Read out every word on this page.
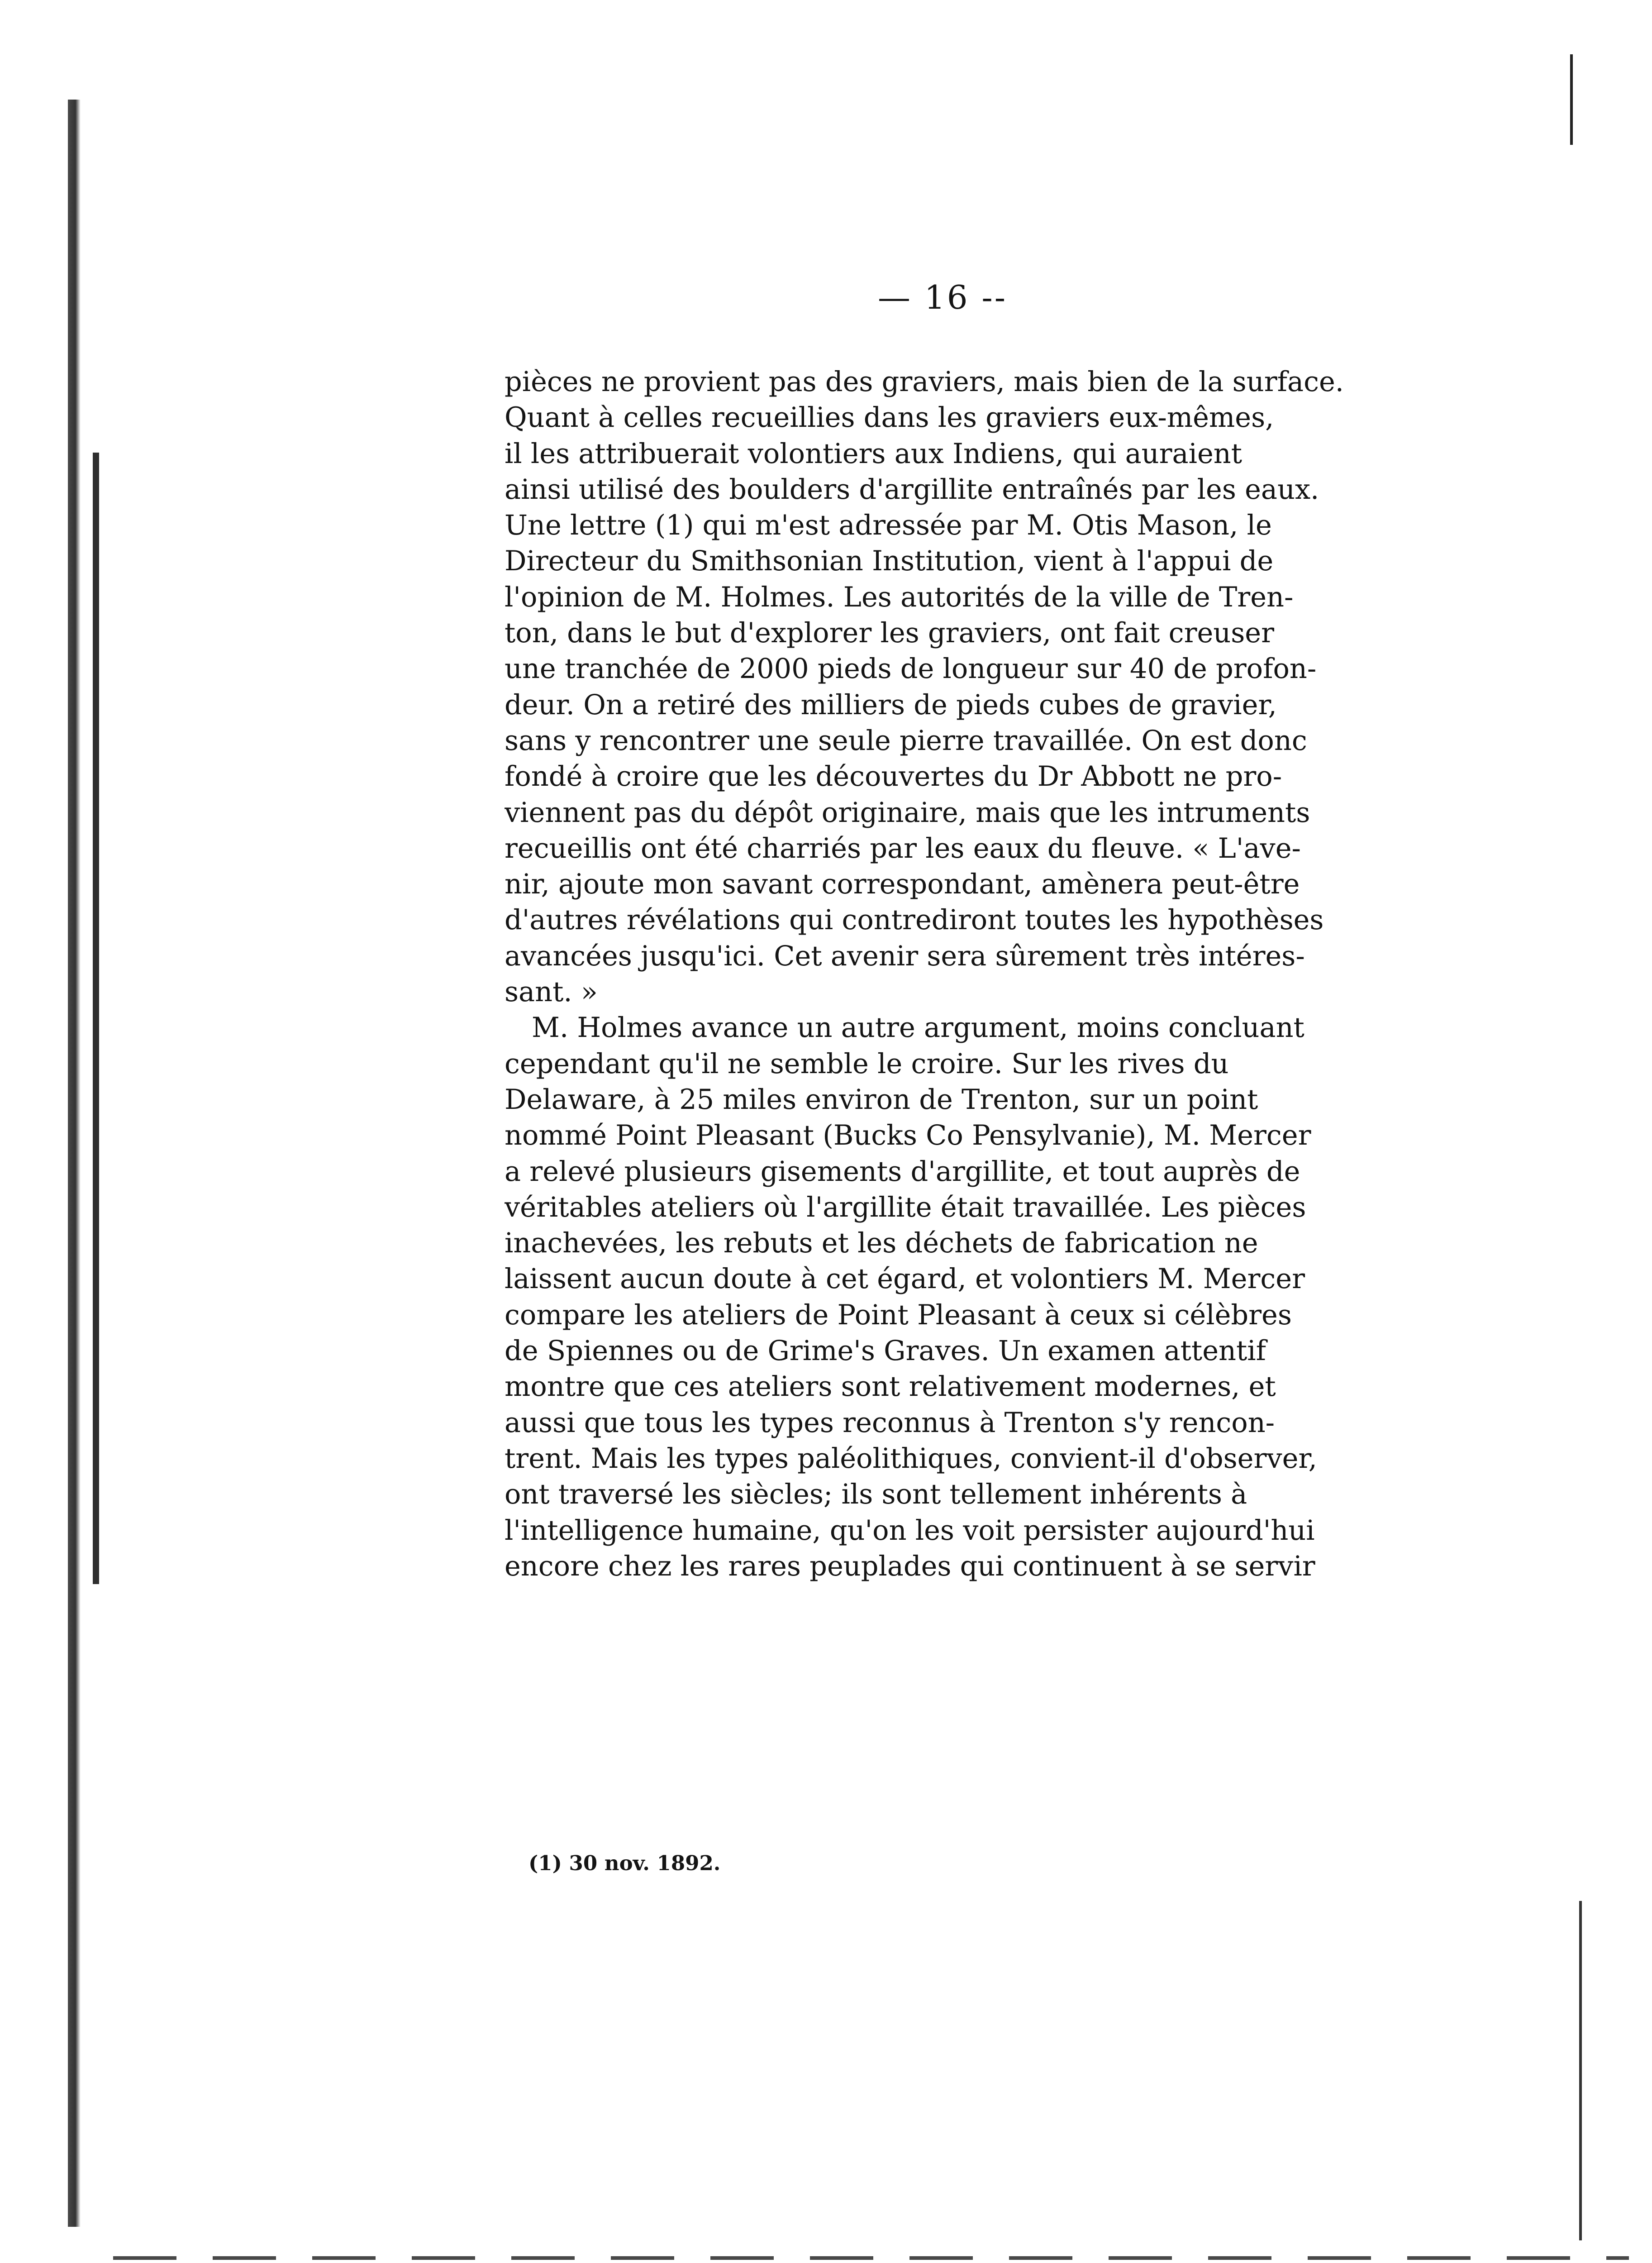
— 16 --
pièces ne provient pas des graviers, mais bien de la surface.
Quant à celles recueillies dans les graviers eux-mêmes,
il les attribuerait volontiers aux Indiens, qui auraient
ainsi utilisé des boulders d'argillite entraînés par les eaux.
Une lettre (1) qui m'est adressée par M. Otis Mason, le
Directeur du Smithsonian Institution, vient à l'appui de
l'opinion de M. Holmes. Les autorités de la ville de Tren-
ton, dans le but d'explorer les graviers, ont fait creuser
une tranchée de 2000 pieds de longueur sur 40 de profon-
deur. On a retiré des milliers de pieds cubes de gravier,
sans y rencontrer une seule pierre travaillée. On est donc
fondé à croire que les découvertes du Dr Abbott ne pro-
viennent pas du dépôt originaire, mais que les intruments
recueillis ont été charriés par les eaux du fleuve. « L'ave-
nir, ajoute mon savant correspondant, amènera peut-être
d'autres révélations qui contrediront toutes les hypothèses
avancées jusqu'ici. Cet avenir sera sûrement très intéres-
sant. »
M. Holmes avance un autre argument, moins concluant
cependant qu'il ne semble le croire. Sur les rives du
Delaware, à 25 miles environ de Trenton, sur un point
nommé Point Pleasant (Bucks Co Pensylvanie), M. Mercer
a relevé plusieurs gisements d'argillite, et tout auprès de
véritables ateliers où l'argillite était travaillée. Les pièces
inachevées, les rebuts et les déchets de fabrication ne
laissent aucun doute à cet égard, et volontiers M. Mercer
compare les ateliers de Point Pleasant à ceux si célèbres
de Spiennes ou de Grime's Graves. Un examen attentif
montre que ces ateliers sont relativement modernes, et
aussi que tous les types reconnus à Trenton s'y rencon-
trent. Mais les types paléolithiques, convient-il d'observer,
ont traversé les siècles; ils sont tellement inhérents à
l'intelligence humaine, qu'on les voit persister aujourd'hui
encore chez les rares peuplades qui continuent à se servir
(1) 30 nov. 1892.
